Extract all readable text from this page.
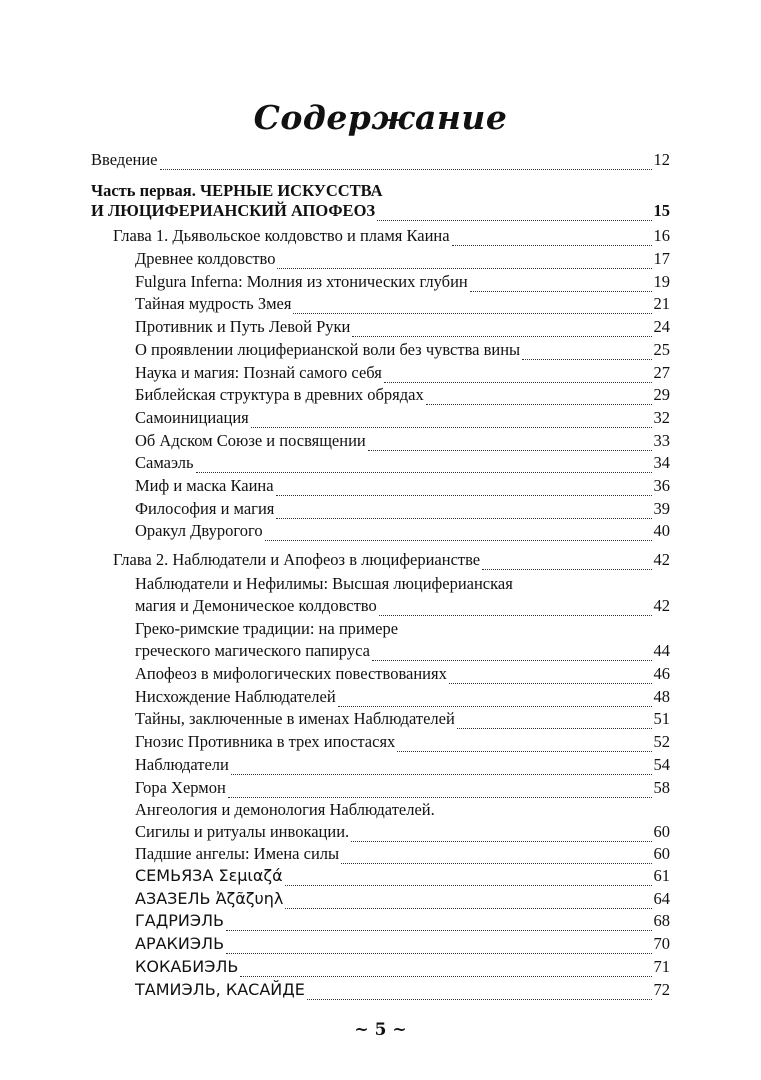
Содержание
Введение	12
Часть первая. ЧЕРНЫЕ ИСКУССТВА
И ЛЮЦИФЕРИАНСКИЙ АПОФЕОЗ	15
Глава 1. Дьявольское колдовство и пламя Каина	16
Древнее колдовство	17
Fulgura Inferna: Молния из хтонических глубин	19
Тайная мудрость Змея	21
Противник и Путь Левой Руки	24
О проявлении люциферианской воли без чувства вины	25
Наука и магия: Познай самого себя	27
Библейская структура в древних обрядах	29
Самоинициация	32
Об Адском Союзе и посвящении	33
Самаэль	34
Миф и маска Каина	36
Философия и магия	39
Оракул Двурогого	40
Глава 2. Наблюдатели и Апофеоз в люциферианстве	42
Наблюдатели и Нефилимы: Высшая люциферианская
магия и Демоническое колдовство	42
Греко-римские традиции: на примере
греческого магического папируса	44
Апофеоз в мифологических повествованиях	46
Нисхождение Наблюдателей	48
Тайны, заключенные в именах Наблюдателей	51
Гнозис Противника в трех ипостасях	52
Наблюдатели	54
Гора Хермон	58
Ангеология и демонология Наблюдателей.
Сигилы и ритуалы инвокации.	60
Падшие ангелы: Имена силы	60
СЕМЬЯЗА Σεμιαζά	61
АЗАЗЕЛЬ Ἀζᾶζυηλ	64
ГАДРИЭЛЬ	68
АРАКИЭЛЬ	70
КОКАБИЭЛЬ	71
ТАМИЭЛЬ, КАСАЙДЕ	72
~ 5 ~
